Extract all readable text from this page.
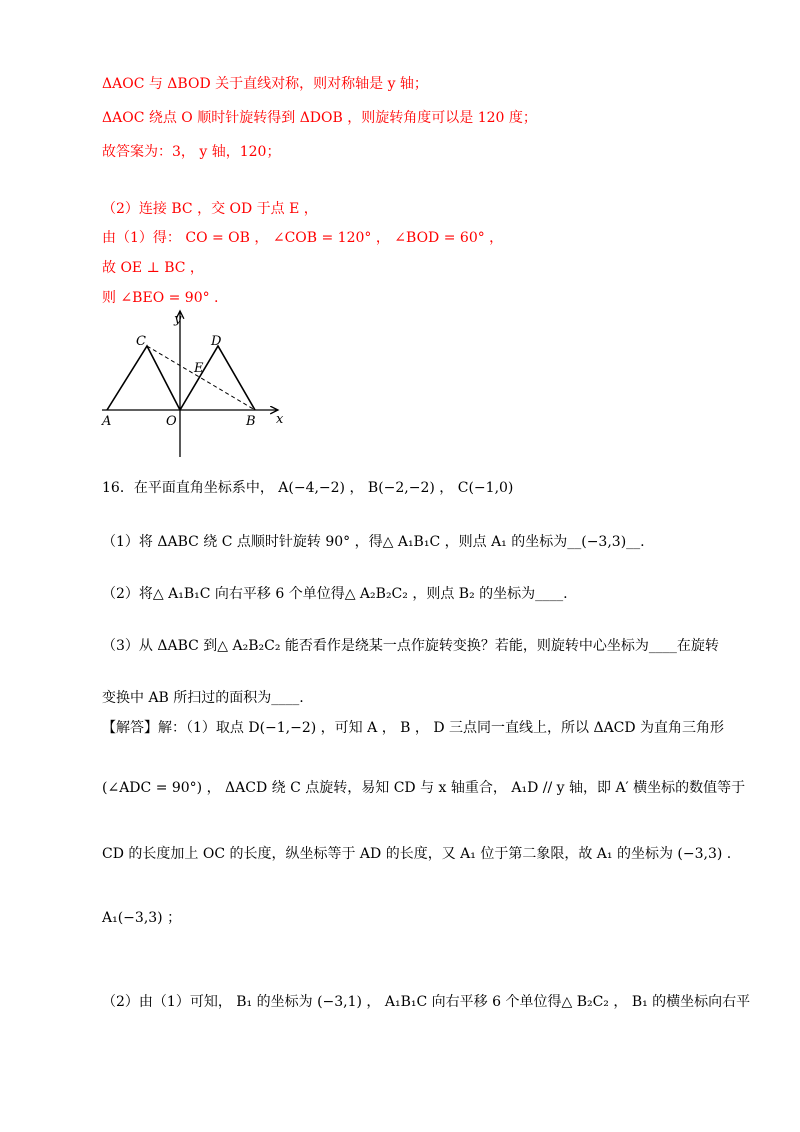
ΔAOC 与 ΔBOD 关于直线对称，则对称轴是 y 轴；
ΔAOC 绕点 O 顺时针旋转得到 ΔDOB ，则旋转角度可以是 120 度；
故答案为：3， y 轴，120；
（2）连接 BC ，交 OD 于点 E ，
由（1）得： CO = OB ， ∠COB = 120° ， ∠BOD = 60° ，
故 OE ⊥ BC ，
则 ∠BEO = 90° .
y
x
A	O	B
C	D
E
16．在平面直角坐标系中， A(−4,−2) ， B(−2,−2) ， C(−1,0)
（1）将 ΔABC 绕 C 点顺时针旋转 90° ，得△ A₁B₁C ，则点 A₁ 的坐标为__(−3,3)__.
（2）将△ A₁B₁C 向右平移 6 个单位得△ A₂B₂C₂ ，则点 B₂ 的坐标为____.
（3）从 ΔABC 到△ A₂B₂C₂ 能否看作是绕某一点作旋转变换？若能，则旋转中心坐标为____在旋转
变换中 AB 所扫过的面积为____.
【解答】解：（1）取点 D(−1,−2) ，可知 A ， B ， D 三点同一直线上，所以 ΔACD 为直角三角形
(∠ADC = 90°) ， ΔACD 绕 C 点旋转，易知 CD 与 x 轴重合， A₁D // y 轴，即 A′ 横坐标的数值等于
CD 的长度加上 OC 的长度，纵坐标等于 AD 的长度，又 A₁ 位于第二象限，故 A₁ 的坐标为 (−3,3) .
A₁(−3,3) ；
（2）由（1）可知， B₁ 的坐标为 (−3,1) ， A₁B₁C 向右平移 6 个单位得△ B₂C₂ ， B₁ 的横坐标向右平
